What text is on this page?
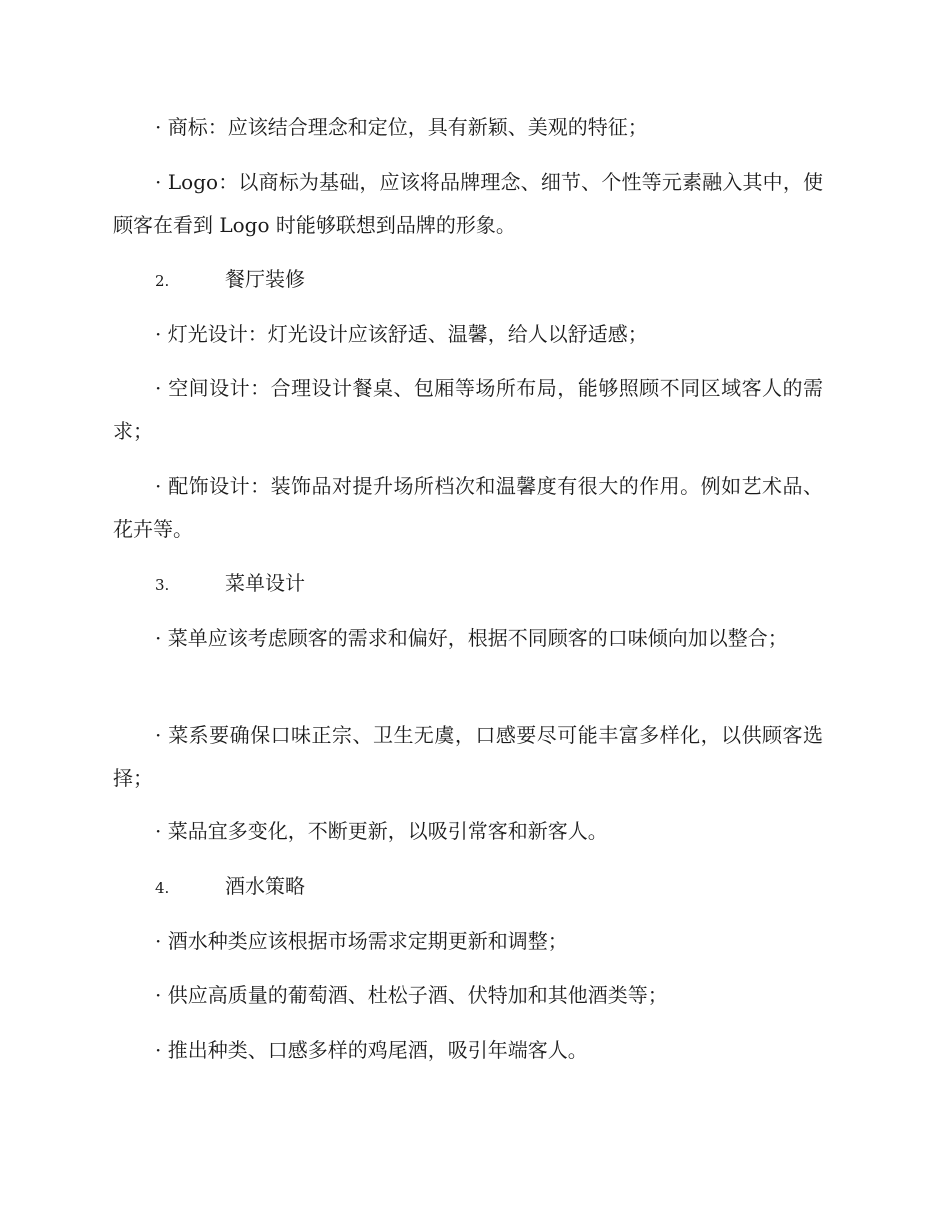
· 商标：应该结合理念和定位，具有新颖、美观的特征；

· Logo：以商标为基础，应该将品牌理念、细节、个性等元素融入其中，使顾客在看到 Logo 时能够联想到品牌的形象。

2.	餐厅装修

· 灯光设计：灯光设计应该舒适、温馨，给人以舒适感；

· 空间设计：合理设计餐桌、包厢等场所布局，能够照顾不同区域客人的需求；

· 配饰设计：装饰品对提升场所档次和温馨度有很大的作用。例如艺术品、花卉等。

3.	菜单设计

· 菜单应该考虑顾客的需求和偏好，根据不同顾客的口味倾向加以整合；

· 菜系要确保口味正宗、卫生无虞，口感要尽可能丰富多样化，以供顾客选择；

· 菜品宜多变化，不断更新，以吸引常客和新客人。

4.	酒水策略

· 酒水种类应该根据市场需求定期更新和调整；

· 供应高质量的葡萄酒、杜松子酒、伏特加和其他酒类等；

· 推出种类、口感多样的鸡尾酒，吸引年端客人。
